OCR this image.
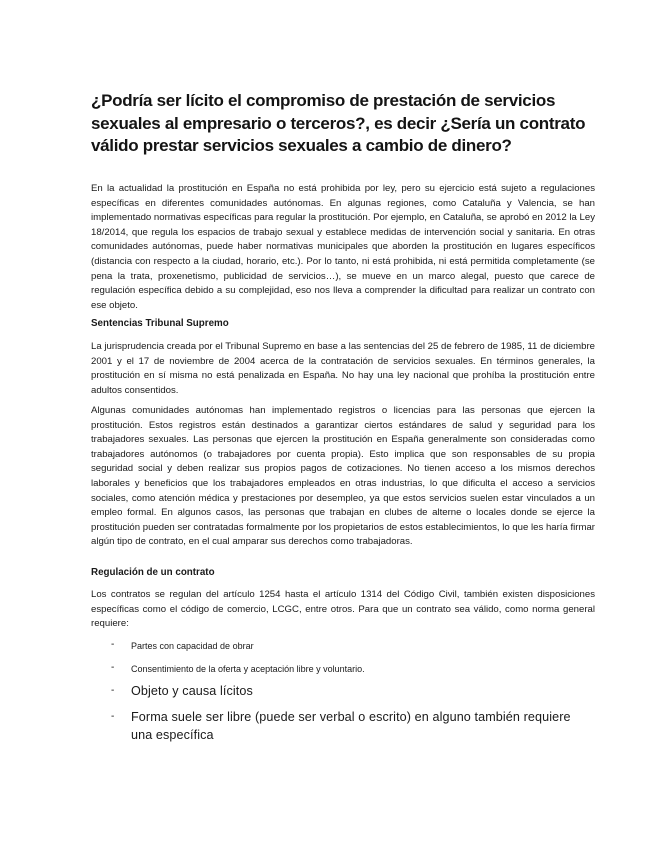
¿Podría ser lícito el compromiso de prestación de servicios sexuales al empresario o terceros?, es decir ¿Sería un contrato válido prestar servicios sexuales a cambio de dinero?
En la actualidad la prostitución en España no está prohibida por ley, pero su ejercicio está sujeto a regulaciones específicas en diferentes comunidades autónomas. En algunas regiones, como Cataluña y Valencia, se han implementado normativas específicas para regular la prostitución. Por ejemplo, en Cataluña, se aprobó en 2012 la Ley 18/2014, que regula los espacios de trabajo sexual y establece medidas de intervención social y sanitaria. En otras comunidades autónomas, puede haber normativas municipales que aborden la prostitución en lugares específicos (distancia con respecto a la ciudad, horario, etc.). Por lo tanto, ni está prohibida, ni está permitida completamente (se pena la trata, proxenetismo, publicidad de servicios…), se mueve en un marco alegal, puesto que carece de regulación específica debido a su complejidad, eso nos lleva a comprender la dificultad para realizar un contrato con ese objeto.
Sentencias Tribunal Supremo
La jurisprudencia creada por el Tribunal Supremo en base a las sentencias del 25 de febrero de 1985, 11 de diciembre 2001 y el 17 de noviembre de 2004 acerca de la contratación de servicios sexuales. En términos generales, la prostitución en sí misma no está penalizada en España. No hay una ley nacional que prohíba la prostitución entre adultos consentidos.
Algunas comunidades autónomas han implementado registros o licencias para las personas que ejercen la prostitución. Estos registros están destinados a garantizar ciertos estándares de salud y seguridad para los trabajadores sexuales. Las personas que ejercen la prostitución en España generalmente son consideradas como trabajadores autónomos (o trabajadores por cuenta propia). Esto implica que son responsables de su propia seguridad social y deben realizar sus propios pagos de cotizaciones. No tienen acceso a los mismos derechos laborales y beneficios que los trabajadores empleados en otras industrias, lo que dificulta el acceso a servicios sociales, como atención médica y prestaciones por desempleo, ya que estos servicios suelen estar vinculados a un empleo formal. En algunos casos, las personas que trabajan en clubes de alterne o locales donde se ejerce la prostitución pueden ser contratadas formalmente por los propietarios de estos establecimientos, lo que les haría firmar algún tipo de contrato, en el cual amparar sus derechos como trabajadoras.
Regulación de un contrato
Los contratos se regulan del artículo 1254 hasta el artículo 1314 del Código Civil, también existen disposiciones específicas como el código de comercio, LCGC, entre otros. Para que un contrato sea válido, como norma general requiere:
- Partes con capacidad de obrar
- Consentimiento de la oferta y aceptación libre y voluntario.
- Objeto y causa lícitos
- Forma suele ser libre (puede ser verbal o escrito) en alguno también requiere una específica
